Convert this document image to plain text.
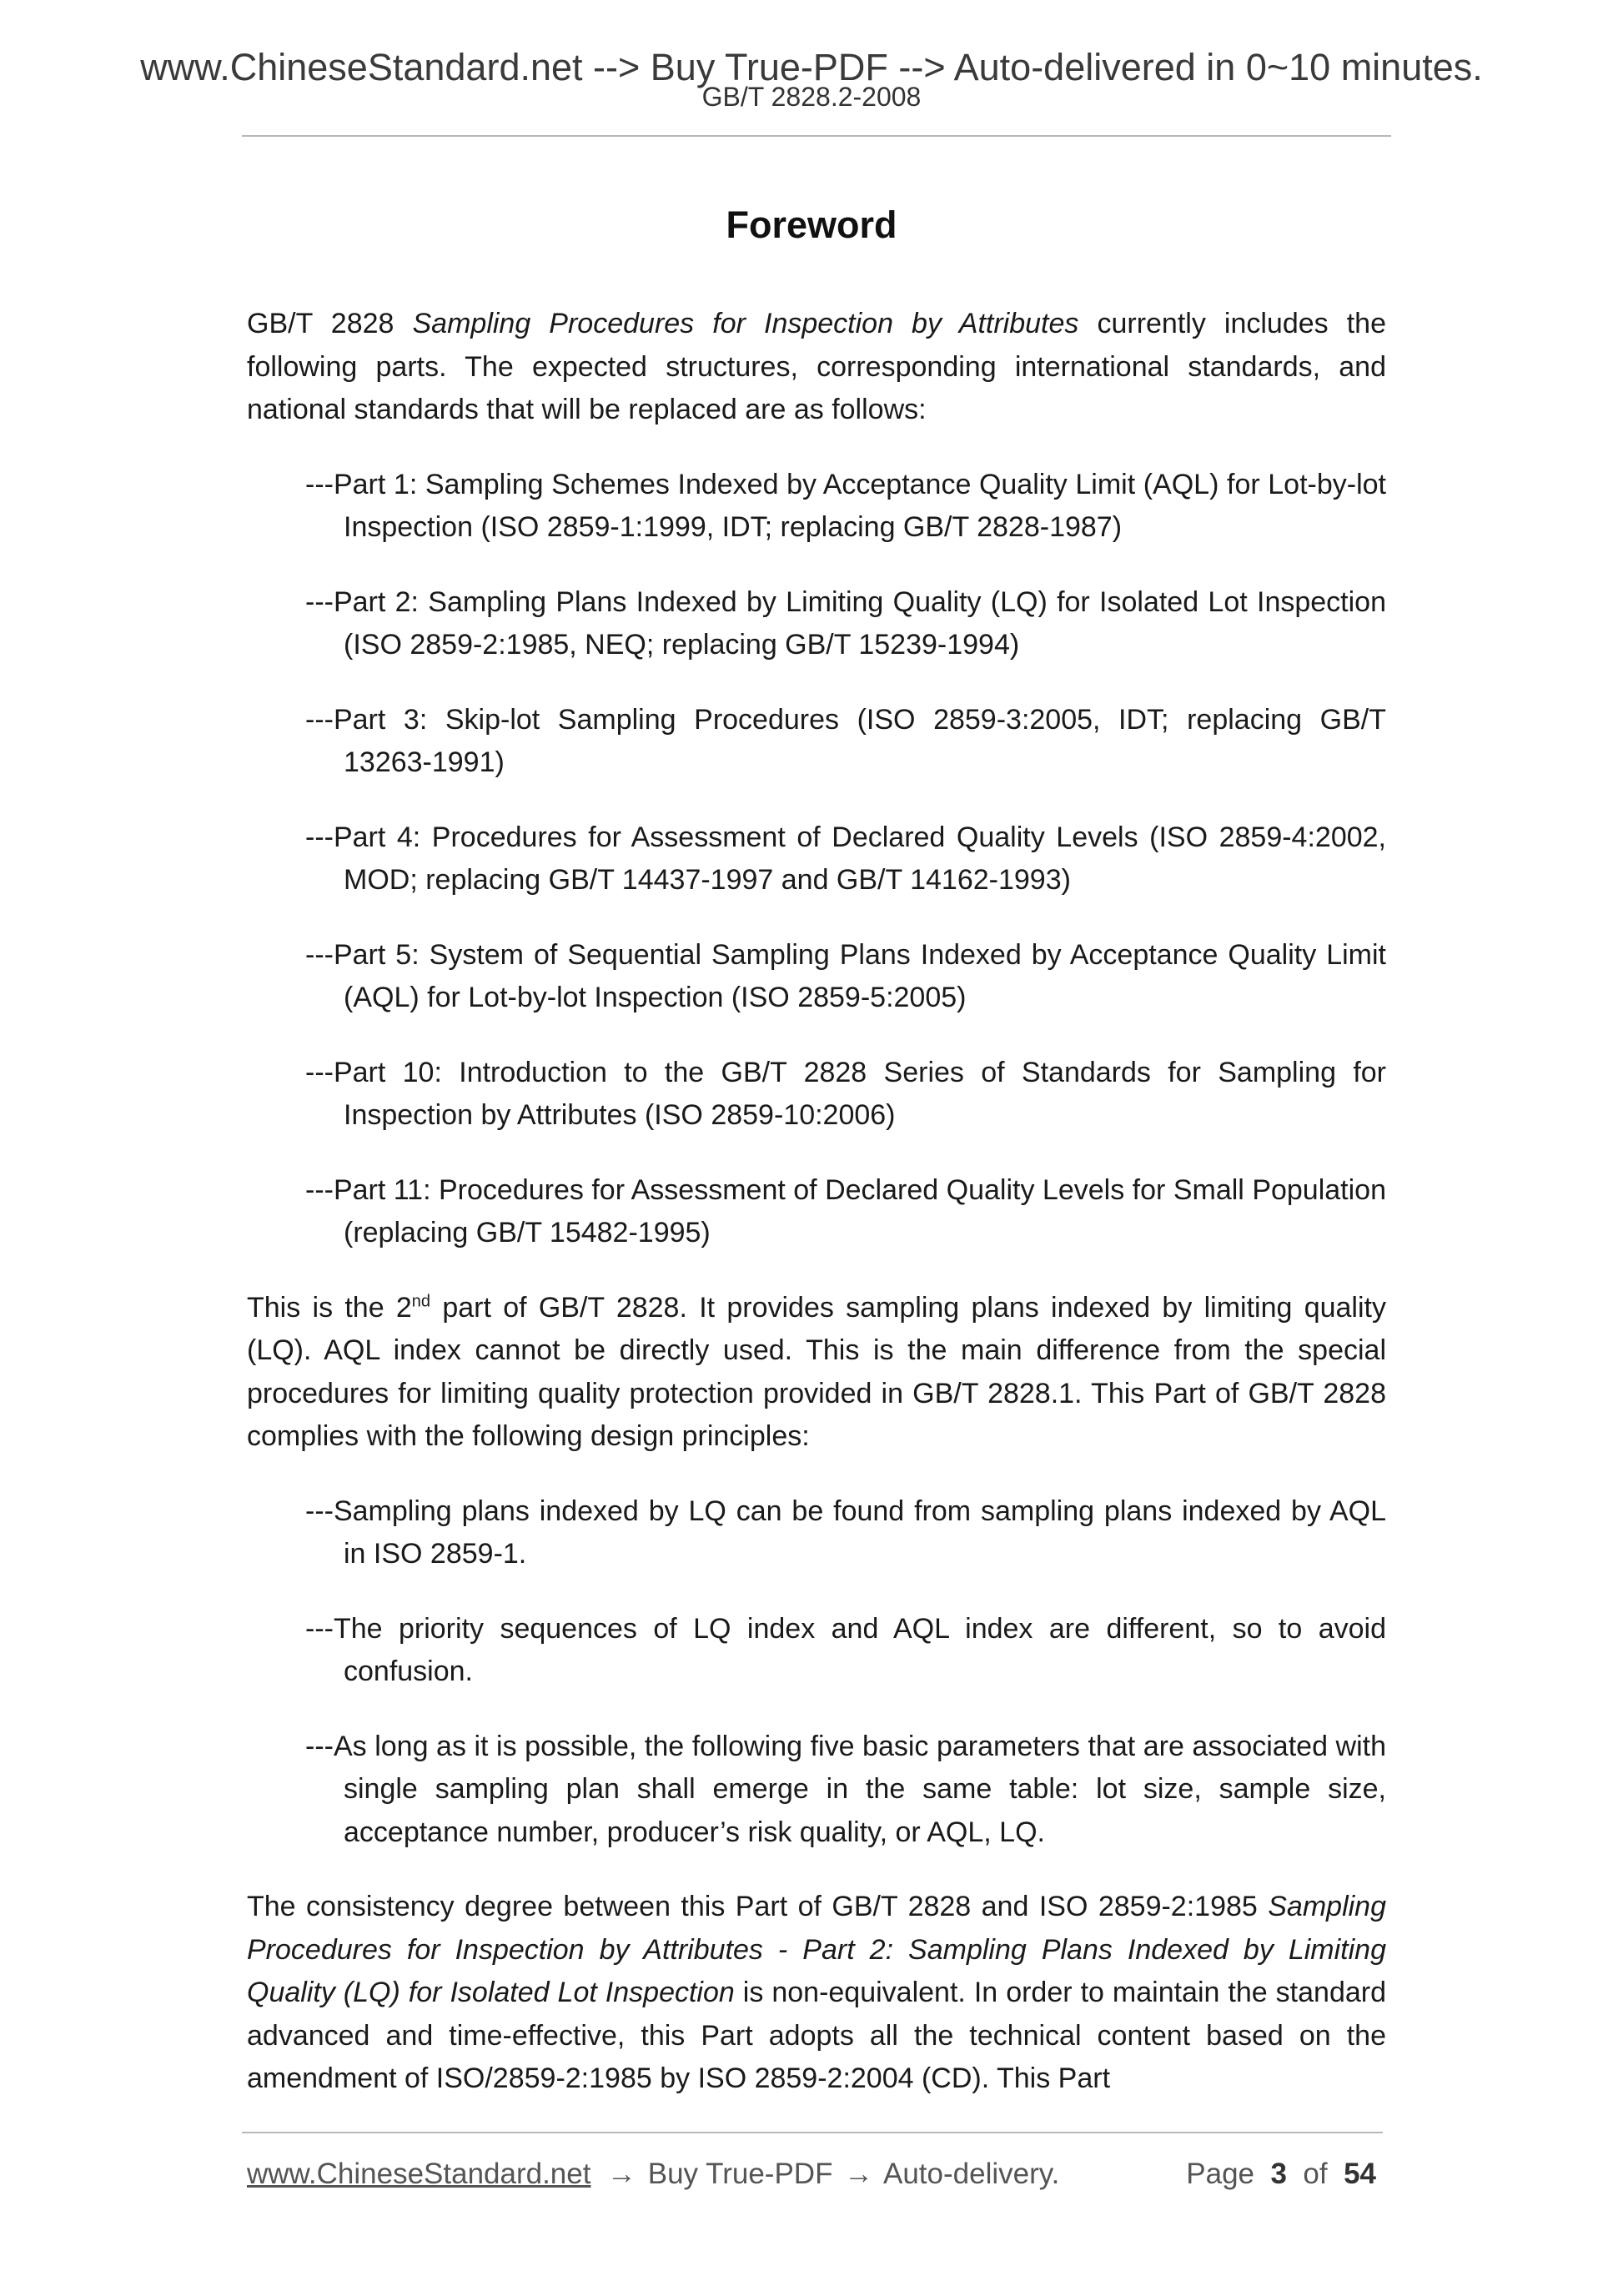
www.ChineseStandard.net --> Buy True-PDF --> Auto-delivered in 0~10 minutes.
GB/T 2828.2-2008
Foreword

GB/T 2828 Sampling Procedures for Inspection by Attributes currently includes the following parts. The expected structures, corresponding international standards, and national standards that will be replaced are as follows:

---Part 1: Sampling Schemes Indexed by Acceptance Quality Limit (AQL) for Lot-by-lot Inspection (ISO 2859-1:1999, IDT; replacing GB/T 2828-1987)

---Part 2: Sampling Plans Indexed by Limiting Quality (LQ) for Isolated Lot Inspection (ISO 2859-2:1985, NEQ; replacing GB/T 15239-1994)

---Part 3: Skip-lot Sampling Procedures (ISO 2859-3:2005, IDT; replacing GB/T 13263-1991)

---Part 4: Procedures for Assessment of Declared Quality Levels (ISO 2859-4:2002, MOD; replacing GB/T 14437-1997 and GB/T 14162-1993)

---Part 5: System of Sequential Sampling Plans Indexed by Acceptance Quality Limit (AQL) for Lot-by-lot Inspection (ISO 2859-5:2005)

---Part 10: Introduction to the GB/T 2828 Series of Standards for Sampling for Inspection by Attributes (ISO 2859-10:2006)

---Part 11: Procedures for Assessment of Declared Quality Levels for Small Population (replacing GB/T 15482-1995)

This is the 2nd part of GB/T 2828. It provides sampling plans indexed by limiting quality (LQ). AQL index cannot be directly used. This is the main difference from the special procedures for limiting quality protection provided in GB/T 2828.1. This Part of GB/T 2828 complies with the following design principles:

---Sampling plans indexed by LQ can be found from sampling plans indexed by AQL in ISO 2859-1.

---The priority sequences of LQ index and AQL index are different, so to avoid confusion.

---As long as it is possible, the following five basic parameters that are associated with single sampling plan shall emerge in the same table: lot size, sample size, acceptance number, producer’s risk quality, or AQL, LQ.

The consistency degree between this Part of GB/T 2828 and ISO 2859-2:1985 Sampling Procedures for Inspection by Attributes - Part 2: Sampling Plans Indexed by Limiting Quality (LQ) for Isolated Lot Inspection is non-equivalent. In order to maintain the standard advanced and time-effective, this Part adopts all the technical content based on the amendment of ISO/2859-2:1985 by ISO 2859-2:2004 (CD). This Part

www.ChineseStandard.net → Buy True-PDF → Auto-delivery.	Page 3 of 54
